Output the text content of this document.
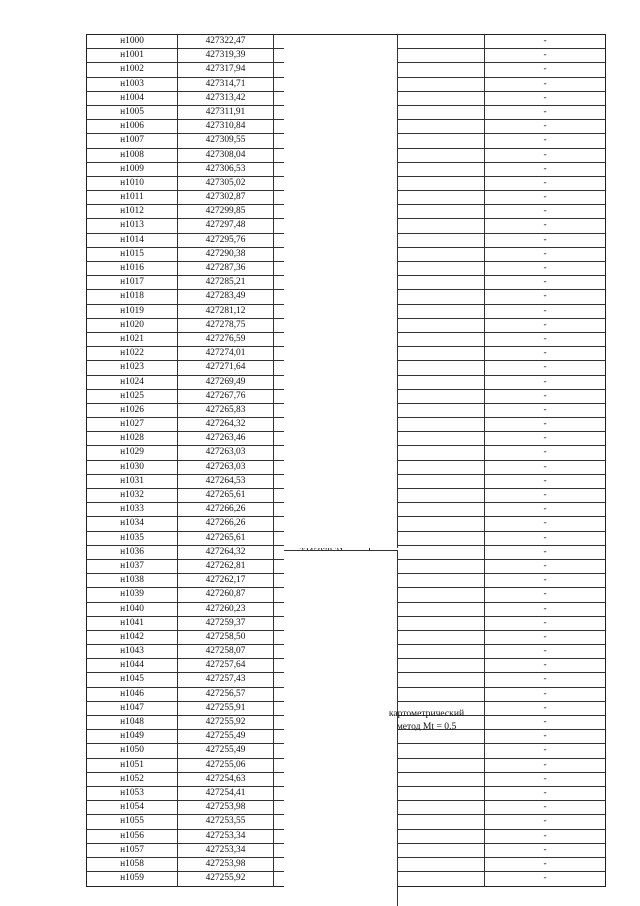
н1000	427322,47	-
н1001	427319,39	-
н1002	427317,94	-
н1003	427314,71	-
н1004	427313,42	-
н1005	427311,91	-
н1006	427310,84	-
н1007	427309,55	-
н1008	427308,04	-
н1009	427306,53	-
н1010	427305,02	-
н1011	427302,87	-
н1012	427299,85	-
н1013	427297,48	-
н1014	427295,76	-
н1015	427290,38	-
н1016	427287,36	-
н1017	427285,21	-
н1018	427283,49	-
н1019	427281,12	-
н1020	427278,75	-
н1021	427276,59	-
н1022	427274,01	-
н1023	427271,64	-
н1024	427269,49	-
н1025	427267,76	-
н1026	427265,83	-
н1027	427264,32	-
н1028	427263,46	-
н1029	427263,03	-
н1030	427263,03	-
н1031	427264,53	-
н1032	427265,61	-
н1033	427266,26	-
н1034	427266,26	-
н1035	427265,61	-
н1036	427264,32	-
н1037	427262,81	-
н1038	427262,17	-
н1039	427260,87	-
н1040	427260,23	-
н1041	427259,37	-
н1042	427258,50	-
н1043	427258,07	-
н1044	427257,64	-
н1045	427257,43	-
н1046	427256,57	-
н1047	427255,91	-
н1048	427255,92	-
н1049	427255,49	-
н1050	427255,49	-
н1051	427255,06	-
н1052	427254,63	-
н1053	427254,41	-
н1054	427253,98	-
н1055	427253,55	-
н1056	427253,34	-
н1057	427253,34	-
н1058	427253,98	-
н1059	427255,92	-
картометрический
метод Mt = 0.5
